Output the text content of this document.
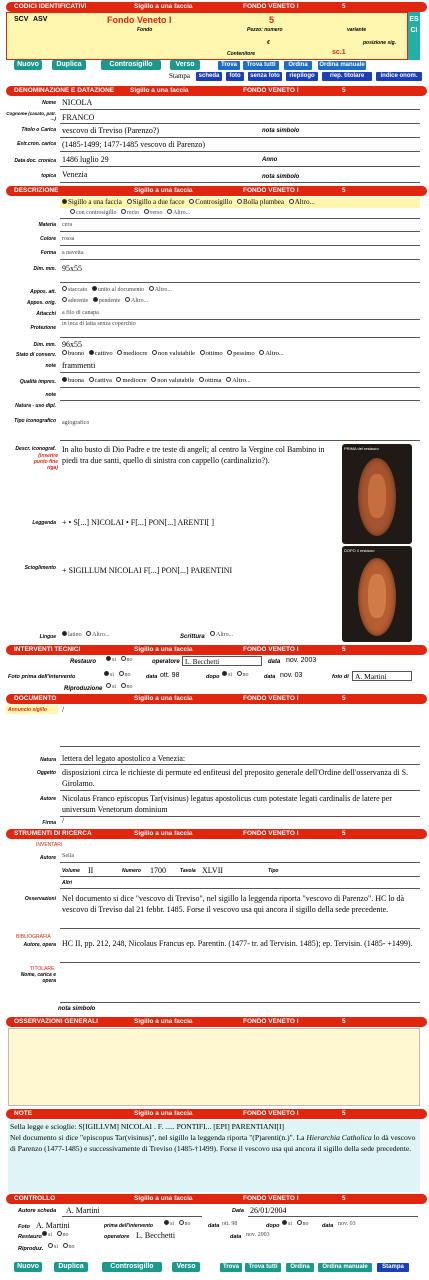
CODICI IDENTIFICATIVI	Sigillo a una faccia	FONDO VENETO I	5
SCV ASV	Fondo Veneto I
Fondo
5
Pezzo: numero	variante
€	posizione sig.
Contenitore	sc.1
ESCI
Nuovo	Duplica	Controsigillo	Verso	Trova	Trova tutti	Ordina	Ordina manuale
Stampa	scheda	foto	senza foto	riepilogo	riep. titolare	indice onom.
DENOMINAZIONE E DATAZIONE Sigillo a una faccia	FONDO VENETO I	5
Nome NICOLA
Cognome (casato, patr. ...) FRANCO
Titolo o Carica vescovo di Treviso (Parenzo?)	nota simbolo
Estr.cron. carica (1485-1499; 1477-1485 vescovo di Parenzo)
Data doc. cronica 1486 luglio 29	Anno
topica Venezia	nota simbolo
DESCRIZIONE	Sigillo a una faccia	FONDO VENETO I	5
Sigillo a una faccia Sigillo a due facce Controsigillo Bolla plumbea Altro...
con controsigillo recto verso Altro...
Materia cera
Colore rossa
Forma a navetta
Dim. mm. 95x55
Appos. att.	staccato unito al documento Altro...
Appos. orig.	aderente pendente Altro...
Attacchi a filo di canapa
Protezione
in teca di latta senza coperchio
Dim. mm. 96x55
Stato di conserv.	buono cattivo mediocre non valutabile ottimo pessimo Altro...
note frammenti
Qualità impres.	buona cattiva mediocre non valutabile ottima Altro...
note
Natura - uso dipl.
Tipo iconografico agiografico
Descr. iconograf.
(inserire punto fine riga)
In alto busto di Dio Padre e tre teste di angeli; al centro la Vergine col Bambino in piedi tra due santi, quello di sinistra con cappello (cardinalizio?).
Leggenda + • S[...] NICOLAI • F[...] PON[...] ARENTI[ ]
Scioglimento + SIGILLUM NICOLAI F[...] PON[...] PARENTINI
PRIMA del restauro
DOPO il restauro
Lingue	latino Altro...	Scrittura	Altro...
INTERVENTI TECNICI	Sigillo a una faccia	FONDO VENETO I	5
Restauro	si no	operatore L. Becchetti	data nov. 2003
Foto prima dell'intervento	si no	data ott. 98	dopo	si no	data nov. 03	foto di A. Martini
Riproduzione	si no
DOCUMENTO	Sigillo a una faccia	FONDO VENETO I	5
Annuncio sigillo /
Natura lettera del legato apostolico a Venezia:
Oggetto disposizioni circa le richieste di permute ed enfiteusi del preposito generale dell'Ordine dell'osservanza di S. Girolamo.
Autore Nicolaus Franco episcopus Tar(visinus) legatus apostolicus cum potestate legati cardinalis de latere per universum Venetorum dominium
Firma /
STRUMENTI DI RICERCA	Sigillo a una faccia	FONDO VENETO I	5
INVENTARI
Autore Sella
Volume II	Numero 1700	Tavola XLVII	Tipo
Altri
Osservazioni Nel documento si dice "vescovo di Treviso", nel sigillo la leggenda riporta "vescovo di Parenzo". HC lo dà vescovo di Treviso dal 21 febbr. 1485. Forse il vescovo usa qui ancora il sigillo della sede precedente.
BIBLIOGRAFIA
Autore, opera HC II, pp. 212, 248, Nicolaus Francus ep. Parentin. (1477- tr. ad Tervisin. 1485); ep. Tervisin. (1485- +1499).
TITOLARE
Nome, carica e opera
nota simbolo
OSSERVAZIONI GENERALI	Sigillo a una faccia	FONDO VENETO I	5
NOTE	Sigillo a una faccia	FONDO VENETO I	5
Sella legge e scioglie: S[IGILLVM] NICOLAI . F. ..... PONTIFI... [EPI] PARENTIANI[I]
Nel documento si dice "episcopus Tar(visinus)", nel sigillo la leggenda riporta "(P)arenti(n.)". La Hierarchia Catholica lo dà vescovo di Parenzo (1477-1485) e successivamente di Treviso (1485-†1499). Forse il vescovo usa qui ancora il sigillo della sede precedente.
CONTROLLO	Sigillo a una faccia	FONDO VENETO I	5
Autore scheda A. Martini	Data 26/01/2004
Foto A. Martini	prima dell'intervento	si no	data ott. 98	dopo	si no	data nov. 03
Restauro	si no	operatore L. Becchetti	data nov. 2003
Riproduz.	si no
Nuovo	Duplica	Controsigillo	Verso	Trova	Trova tutti	Ordina	Ordina manuale	Stampa
